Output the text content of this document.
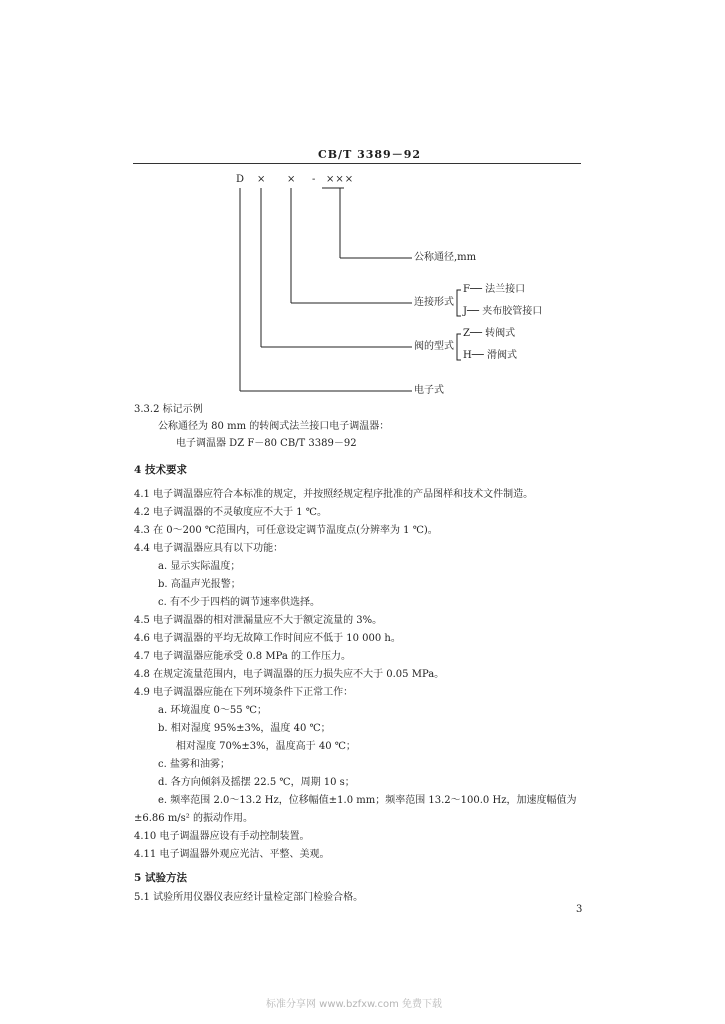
CB/T 3389－92
D × × - ×××
公称通径,mm
连接形式
F── 法兰接口
J── 夹布胶管接口
阀的型式
Z── 转阀式
H── 滑阀式
电子式
3.3.2 标记示例
公称通径为 80 mm 的转阀式法兰接口电子调温器：
电子调温器 DZ F－80 CB/T 3389－92
4 技术要求
4.1 电子调温器应符合本标准的规定，并按照经规定程序批准的产品图样和技术文件制造。
4.2 电子调温器的不灵敏度应不大于 1 ℃。
4.3 在 0～200 ℃范围内，可任意设定调节温度点(分辨率为 1 ℃)。
4.4 电子调温器应具有以下功能：
a. 显示实际温度；
b. 高温声光报警；
c. 有不少于四档的调节速率供选择。
4.5 电子调温器的相对泄漏量应不大于额定流量的 3%。
4.6 电子调温器的平均无故障工作时间应不低于 10 000 h。
4.7 电子调温器应能承受 0.8 MPa 的工作压力。
4.8 在规定流量范围内，电子调温器的压力损失应不大于 0.05 MPa。
4.9 电子调温器应能在下列环境条件下正常工作：
a. 环境温度 0～55 ℃；
b. 相对湿度 95%±3%，温度 40 ℃；
相对湿度 70%±3%，温度高于 40 ℃；
c. 盐雾和油雾；
d. 各方向倾斜及摇摆 22.5 ℃，周期 10 s；
e. 频率范围 2.0～13.2 Hz，位移幅值±1.0 mm；频率范围 13.2～100.0 Hz，加速度幅值为
±6.86 m/s² 的振动作用。
4.10 电子调温器应设有手动控制装置。
4.11 电子调温器外观应光洁、平整、美观。
5 试验方法
5.1 试验所用仪器仪表应经计量检定部门检验合格。
3
标准分享网 www.bzfxw.com 免费下载
